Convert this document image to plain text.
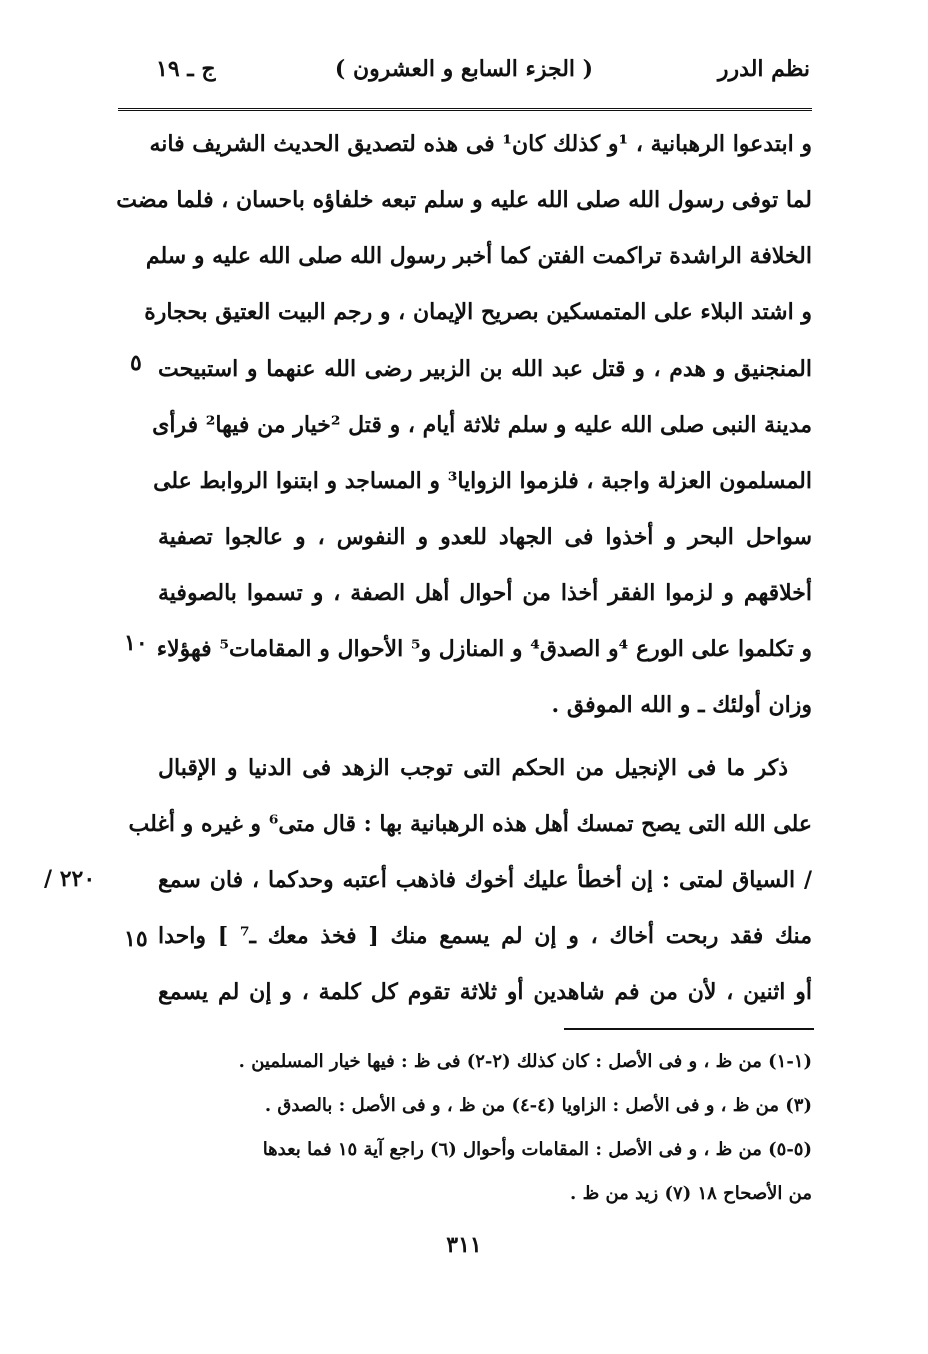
نظم الدرر
( الجزء السابع و العشرون )
ج ـ ١٩
و ابتدعوا الرهبانية ، ¹و كذلك كان¹ فى هذه لتصديق الحديث الشريف فانه
لما توفى رسول الله صلى الله عليه و سلم تبعه خلفاؤه باحسان ، فلما مضت
الخلافة الراشدة تراكمت الفتن كما أخبر رسول الله صلى الله عليه و سلم
و اشتد البلاء على المتمسكين بصريح الإيمان ، و رجم البيت العتيق بحجارة
المنجنيق و هدم ، و قتل عبد الله بن الزبير رضى الله عنهما و استبيحت
مدينة النبى صلى الله عليه و سلم ثلاثة أيام ، و قتل ²خيار من فيها² فرأى
المسلمون العزلة واجبة ، فلزموا الزوايا³ و المساجد و ابتنوا الروابط على
سواحل البحر و أخذوا فى الجهاد للعدو و النفوس ، و عالجوا تصفية
أخلاقهم و لزموا الفقر أخذا من أحوال أهل الصفة ، و تسموا بالصوفية
و تكلموا على الورع ⁴و الصدق⁴ و المنازل و⁵ الأحوال و المقامات⁵ فهؤلاء
وزان أولئك ـ و الله الموفق .
ذكر ما فى الإنجيل من الحكم التى توجب الزهد فى الدنيا و الإقبال
على الله التى يصح تمسك أهل هذه الرهبانية بها : قال متى⁶ و غيره و أغلب
/ السياق لمتى : إن أخطأ عليك أخوك فاذهب أعتبه وحدكما ، فان سمع
منك فقد ربحت أخاك ، و إن لم يسمع منك [ فخذ معك ـ⁷ ] واحدا
أو اثنين ، لأن من فم شاهدين أو ثلاثة تقوم كل كلمة ، و إن لم يسمع
٥
١٠
٢٢٠ /
١٥
(١-١) من ظ ، و فى الأصل : كان كذلك (٢-٢) فى ظ : فيها خيار المسلمين .
(٣) من ظ ، و فى الأصل : الزاويا (٤-٤) من ظ ، و فى الأصل : بالصدق .
(٥-٥) من ظ ، و فى الأصل : المقامات وأحوال (٦) راجع آية ١٥ فما بعدها
من الأصحاح ١٨ (٧) زيد من ظ .
٣١١
